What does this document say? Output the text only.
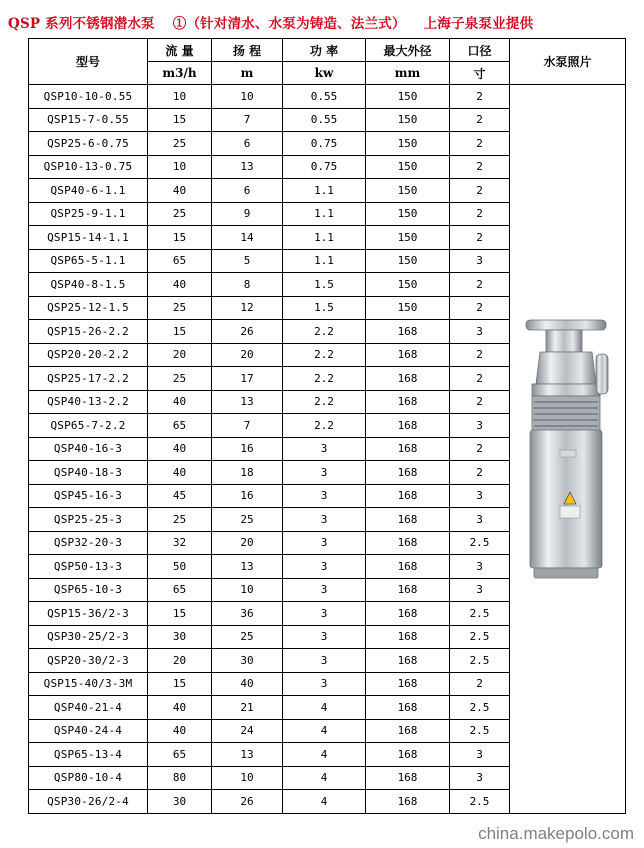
QSP 系列不锈钢潜水泵 ①（针对清水、水泵为铸造、法兰式） 上海子泉泵业提供
型号	流 量	扬 程	功 率	最大外径	口径	水泵照片
	m3/h	m	kw	mm	寸	
QSP10-10-0.55	10	10	0.55	150	2	

QSP15-7-0.55	15	7	0.55	150	2	
QSP25-6-0.75	25	6	0.75	150	2	
QSP10-13-0.75	10	13	0.75	150	2	
QSP40-6-1.1	40	6	1.1	150	2	
QSP25-9-1.1	25	9	1.1	150	2	
QSP15-14-1.1	15	14	1.1	150	2	
QSP65-5-1.1	65	5	1.1	150	3	
QSP40-8-1.5	40	8	1.5	150	2	
QSP25-12-1.5	25	12	1.5	150	2	
QSP15-26-2.2	15	26	2.2	168	3	
QSP20-20-2.2	20	20	2.2	168	2	
QSP25-17-2.2	25	17	2.2	168	2	
QSP40-13-2.2	40	13	2.2	168	2	
QSP65-7-2.2	65	7	2.2	168	3	
QSP40-16-3	40	16	3	168	2	
QSP40-18-3	40	18	3	168	2	
QSP45-16-3	45	16	3	168	3	
QSP25-25-3	25	25	3	168	3	
QSP32-20-3	32	20	3	168	2.5	
QSP50-13-3	50	13	3	168	3	
QSP65-10-3	65	10	3	168	3	
QSP15-36/2-3	15	36	3	168	2.5	
QSP30-25/2-3	30	25	3	168	2.5	
QSP20-30/2-3	20	30	3	168	2.5	
QSP15-40/3-3M	15	40	3	168	2	
QSP40-21-4	40	21	4	168	2.5	
QSP40-24-4	40	24	4	168	2.5	
QSP65-13-4	65	13	4	168	3	
QSP80-10-4	80	10	4	168	3	
QSP30-26/2-4	30	26	4	168	2.5	
china.makepolo.com
